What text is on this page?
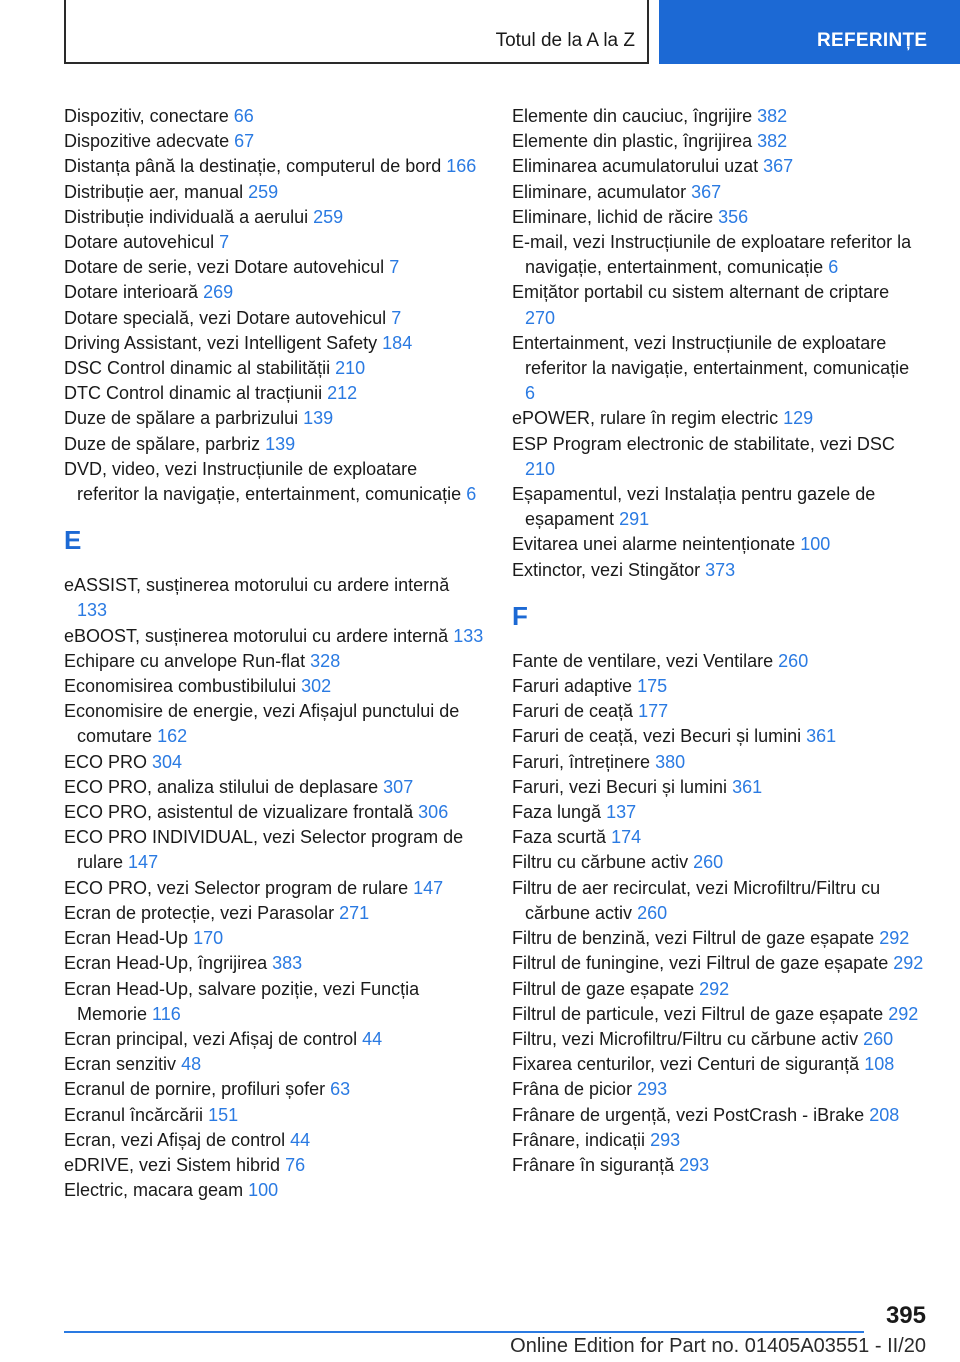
Totul de la A la Z	REFERINȚE
Dispozitiv, conectare 66
Dispozitive adecvate 67
Distanța până la destinație, computerul de bord 166
Distribuție aer, manual 259
Distribuție individuală a aerului 259
Dotare autovehicul 7
Dotare de serie, vezi Dotare autovehicul 7
Dotare interioară 269
Dotare specială, vezi Dotare autovehicul 7
Driving Assistant, vezi Intelligent Safety 184
DSC Control dinamic al stabilității 210
DTC Control dinamic al tracțiunii 212
Duze de spălare a parbrizului 139
Duze de spălare, parbriz 139
DVD, video, vezi Instrucțiunile de exploatare referitor la navigație, entertainment, comunicație 6
E
eASSIST, susținerea motorului cu ardere internă 133
eBOOST, susținerea motorului cu ardere internă 133
Echipare cu anvelope Run-flat 328
Economisirea combustibilului 302
Economisire de energie, vezi Afișajul punctului de comutare 162
ECO PRO 304
ECO PRO, analiza stilului de deplasare 307
ECO PRO, asistentul de vizualizare frontală 306
ECO PRO INDIVIDUAL, vezi Selector program de rulare 147
ECO PRO, vezi Selector program de rulare 147
Ecran de protecție, vezi Parasolar 271
Ecran Head-Up 170
Ecran Head-Up, îngrijirea 383
Ecran Head-Up, salvare poziție, vezi Funcția Memorie 116
Ecran principal, vezi Afișaj de control 44
Ecran senzitiv 48
Ecranul de pornire, profiluri șofer 63
Ecranul încărcării 151
Ecran, vezi Afișaj de control 44
eDRIVE, vezi Sistem hibrid 76
Electric, macara geam 100
Elemente din cauciuc, îngrijire 382
Elemente din plastic, îngrijirea 382
Eliminarea acumulatorului uzat 367
Eliminare, acumulator 367
Eliminare, lichid de răcire 356
E-mail, vezi Instrucțiunile de exploatare referitor la navigație, entertainment, comunicație 6
Emițător portabil cu sistem alternant de criptare 270
Entertainment, vezi Instrucțiunile de exploatare referitor la navigație, entertainment, comunicație 6
ePOWER, rulare în regim electric 129
ESP Program electronic de stabilitate, vezi DSC 210
Eșapamentul, vezi Instalația pentru gazele de eșapament 291
Evitarea unei alarme neintenționate 100
Extinctor, vezi Stingător 373
F
Fante de ventilare, vezi Ventilare 260
Faruri adaptive 175
Faruri de ceață 177
Faruri de ceață, vezi Becuri și lumini 361
Faruri, întreținere 380
Faruri, vezi Becuri și lumini 361
Faza lungă 137
Faza scurtă 174
Filtru cu cărbune activ 260
Filtru de aer recirculat, vezi Microfiltru/Filtru cu cărbune activ 260
Filtru de benzină, vezi Filtrul de gaze eșapate 292
Filtrul de funingine, vezi Filtrul de gaze eșapate 292
Filtrul de gaze eșapate 292
Filtrul de particule, vezi Filtrul de gaze eșapate 292
Filtru, vezi Microfiltru/Filtru cu cărbune activ 260
Fixarea centurilor, vezi Centuri de siguranță 108
Frâna de picior 293
Frânare de urgență, vezi PostCrash - iBrake 208
Frânare, indicații 293
Frânare în siguranță 293
395
Online Edition for Part no. 01405A03551 - II/20
